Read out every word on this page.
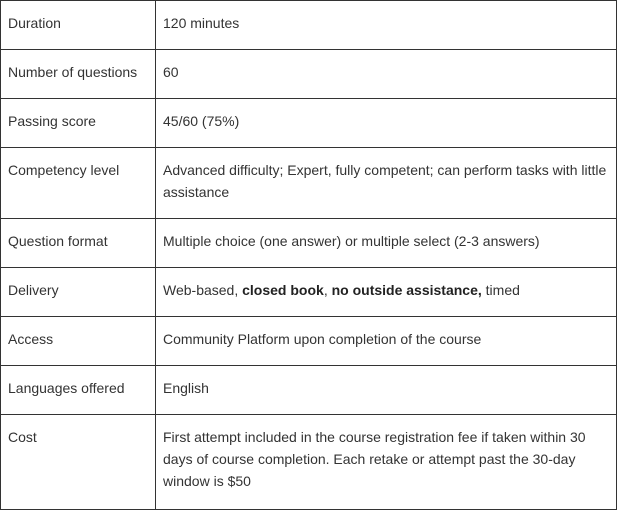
Duration	120 minutes
Number of questions	60
Passing score	45/60 (75%)
Competency level	Advanced difficulty; Expert, fully competent; can perform tasks with little assistance
Question format	Multiple choice (one answer) or multiple select (2-3 answers)
Delivery	Web-based, closed book, no outside assistance, timed
Access	Community Platform upon completion of the course
Languages offered	English
Cost	First attempt included in the course registration fee if taken within 30 days of course completion. Each retake or attempt past the 30-day window is $50
